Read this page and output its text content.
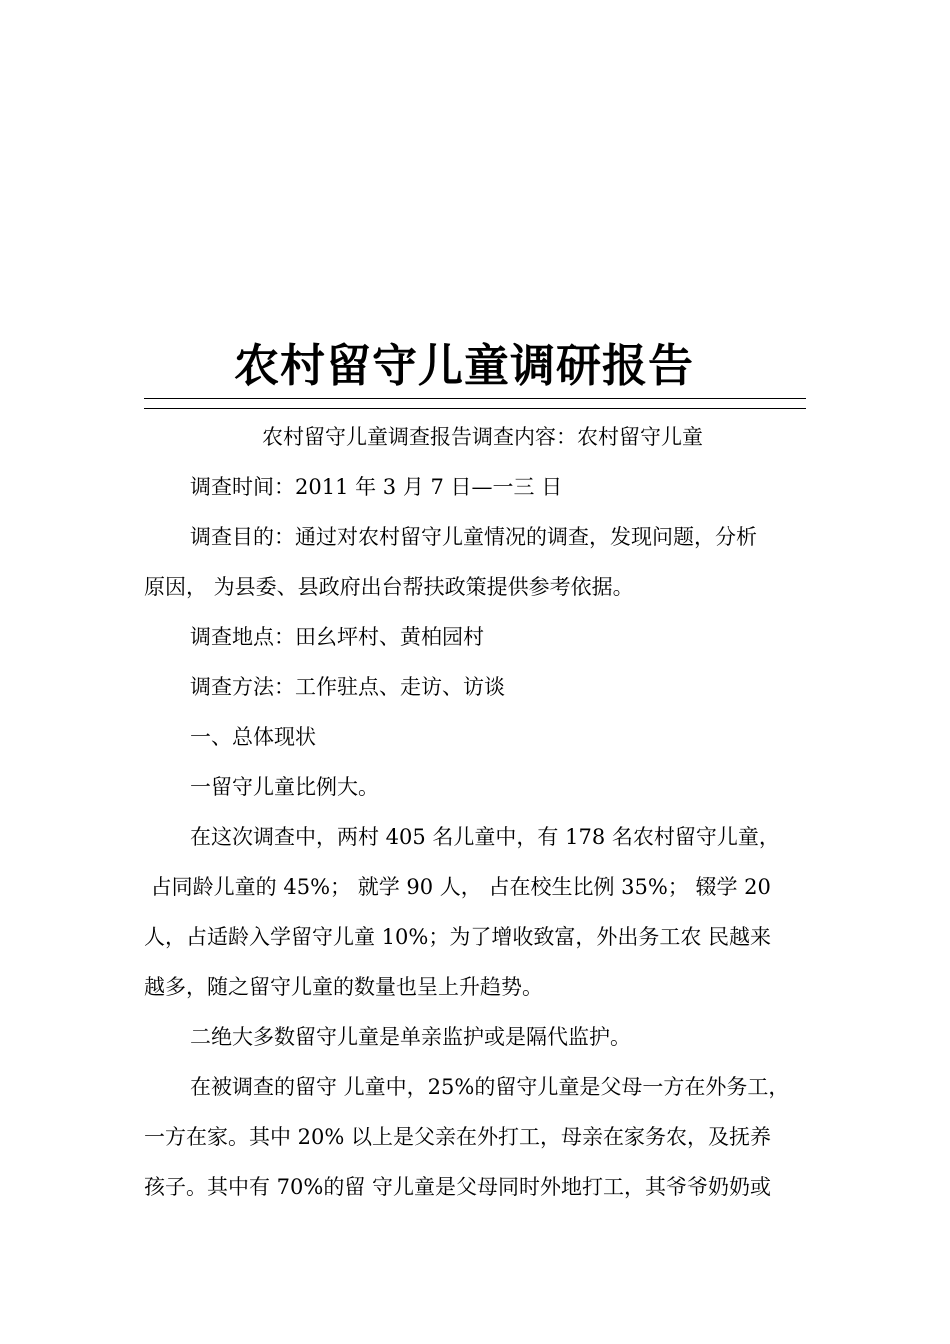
农村留守儿童调研报告

农村留守儿童调查报告调查内容：农村留守儿童

调查时间：2011 年 3 月 7 日—一三 日

调查目的：通过对农村留守儿童情况的调查，发现问题，分析

原因， 为县委、县政府出台帮扶政策提供参考依据。

调查地点：田幺坪村、黄柏园村

调查方法：工作驻点、走访、访谈

一、总体现状

一留守儿童比例大。

在这次调查中，两村 405 名儿童中，有 178 名农村留守儿童，

占同龄儿童的 45%； 就学 90 人， 占在校生比例 35%； 辍学 20

人，占适龄入学留守儿童 10%；为了增收致富，外出务工农 民越来

越多，随之留守儿童的数量也呈上升趋势。

二绝大多数留守儿童是单亲监护或是隔代监护。

在被调查的留守 儿童中，25%的留守儿童是父母一方在外务工，

一方在家。其中 20% 以上是父亲在外打工，母亲在家务农，及抚养

孩子。其中有 70%的留 守儿童是父母同时外地打工，其爷爷奶奶或
